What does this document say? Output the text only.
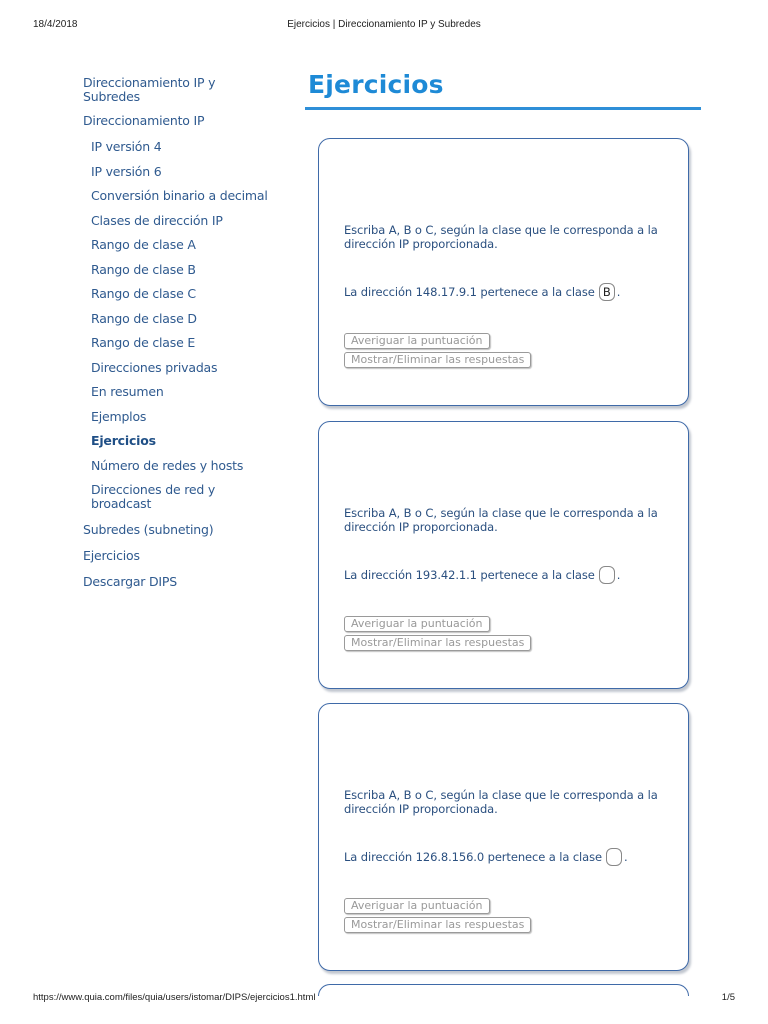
18/4/2018	Ejercicios | Direccionamiento IP y Subredes
Direccionamiento IP y Subredes
Direccionamiento IP
IP versión 4
IP versión 6
Conversión binario a decimal
Clases de dirección IP
Rango de clase A
Rango de clase B
Rango de clase C
Rango de clase D
Rango de clase E
Direcciones privadas
En resumen
Ejemplos
Ejercicios
Número de redes y hosts
Direcciones de red y broadcast
Subredes (subneting)
Ejercicios
Descargar DIPS
Ejercicios

Escriba A, B o C, según la clase que le corresponda a la dirección IP proporcionada.

La dirección 148.17.9.1 pertenece a la clase B .

Averiguar la puntuación
Mostrar/Eliminar las respuestas

Escriba A, B o C, según la clase que le corresponda a la dirección IP proporcionada.

La dirección 193.42.1.1 pertenece a la clase .

Averiguar la puntuación
Mostrar/Eliminar las respuestas

Escriba A, B o C, según la clase que le corresponda a la dirección IP proporcionada.

La dirección 126.8.156.0 pertenece a la clase .

Averiguar la puntuación
Mostrar/Eliminar las respuestas
https://www.quia.com/files/quia/users/istomar/DIPS/ejercicios1.html	1/5
